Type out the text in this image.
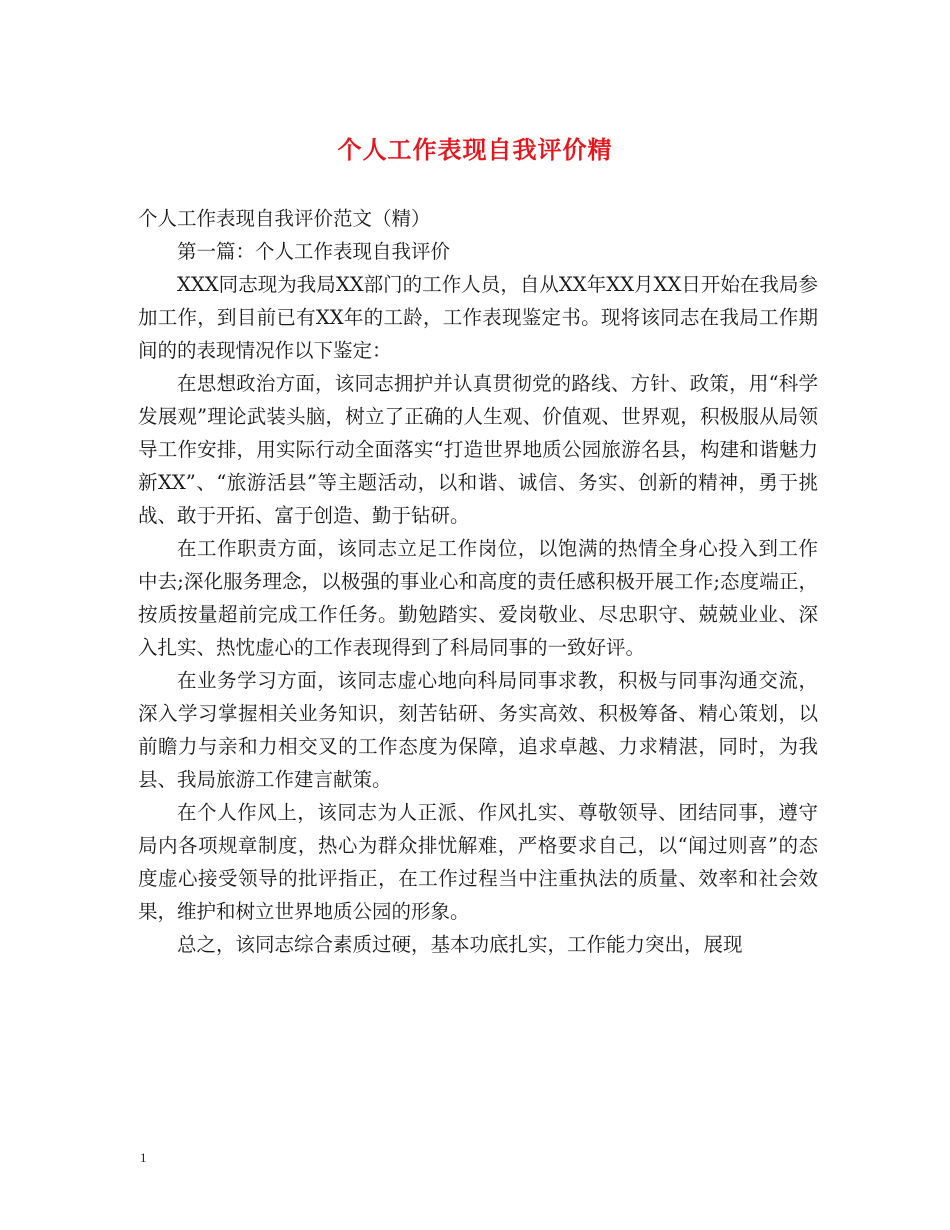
个人工作表现自我评价精

个人工作表现自我评价范文（精）

第一篇：个人工作表现自我评价

XXX同志现为我局XX部门的工作人员，自从XX年XX月XX日开始在我局参加工作，到目前已有XX年的工龄，工作表现鉴定书。现将该同志在我局工作期间的的表现情况作以下鉴定：

在思想政治方面，该同志拥护并认真贯彻党的路线、方针、政策，用“科学发展观”理论武装头脑，树立了正确的人生观、价值观、世界观，积极服从局领导工作安排，用实际行动全面落实“打造世界地质公园旅游名县，构建和谐魅力新XX”、“旅游活县”等主题活动，以和谐、诚信、务实、创新的精神，勇于挑战、敢于开拓、富于创造、勤于钻研。

在工作职责方面，该同志立足工作岗位，以饱满的热情全身心投入到工作中去;深化服务理念，以极强的事业心和高度的责任感积极开展工作;态度端正，按质按量超前完成工作任务。勤勉踏实、爱岗敬业、尽忠职守、兢兢业业、深入扎实、热忱虚心的工作表现得到了科局同事的一致好评。

在业务学习方面，该同志虚心地向科局同事求教，积极与同事沟通交流，深入学习掌握相关业务知识，刻苦钻研、务实高效、积极筹备、精心策划，以前瞻力与亲和力相交叉的工作态度为保障，追求卓越、力求精湛，同时，为我县、我局旅游工作建言献策。

在个人作风上，该同志为人正派、作风扎实、尊敬领导、团结同事，遵守局内各项规章制度，热心为群众排忧解难，严格要求自己，以“闻过则喜”的态度虚心接受领导的批评指正，在工作过程当中注重执法的质量、效率和社会效果，维护和树立世界地质公园的形象。

总之，该同志综合素质过硬，基本功底扎实，工作能力突出，展现

1
